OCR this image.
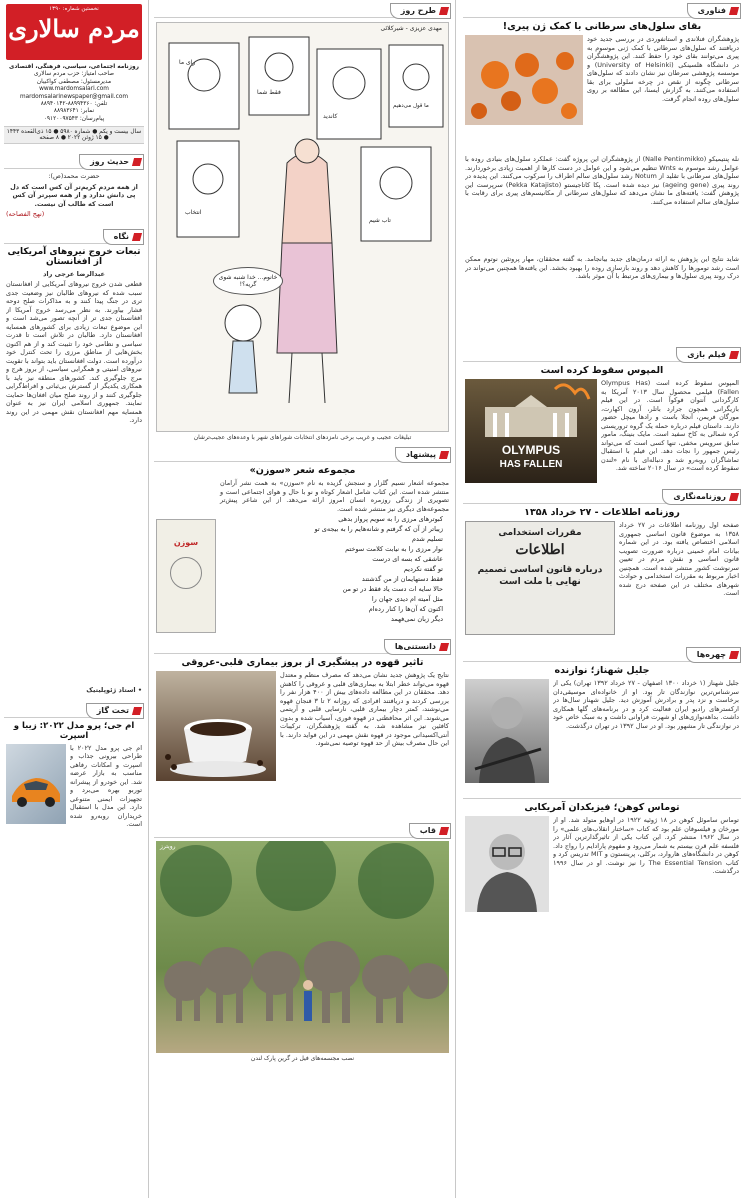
نخستین شماره: ۱۳۹۰
مردم سالاری
روزنامه اجتماعی، سیاسی، فرهنگی، اقتصادی
صاحب امتیاز: حزب مردم سالاری
مدیرمسئول: مصطفی کواکبیان
www.mardomsalari.com
mardomsalarinewspaper@gmail.com
تلفن: ۸۸۹۹۴۳۶۰-۸۸۹۴۰۱۴۲
نمابر: ۸۸۹۸۳۶۴۱
پیام‌رسان: ۰۹۱۲۰۰۹۷۵۴۳
سال بیست و یکم ● شماره ۵۹۸۰ ● ۱۵ ذی‌القعده ۱۴۴۳ ● ۱۵ ژوئن ۲۰۲۲ ● ۸ صفحه
حدیث روز
حضرت محمد(ص):
از همه مردم کریم‌تر آن کس است که دل پی دانش ندارد و از همه سپرتر آن کس است که طالب آن نیست.
(نهج الفصاحه)
نگاه
تبعات خروج نیروهای آمریکایی از افغانستان
عبدالرضا عرجی راد
قطعی شدن خروج نیروهای آمریکایی از افغانستان سبب شده که نیروهای طالبان نیز وضعیت جدی تری در جنگ پیدا کنند و به مذاکرات صلح دوحه فشار بیاورند. به نظر می‌رسد خروج آمریکا از افغانستان جدی تر از آنچه تصور می‌شد است و این موضوع تبعات زیادی برای کشورهای همسایه افغانستان دارد. طالبان در تلاش است تا قدرت سیاسی و نظامی خود را تثبیت کند و از هم اکنون بخش‌هایی از مناطق مرزی را تحت کنترل خود درآورده است. دولت افغانستان باید بتواند با تقویت نیروهای امنیتی و همگرایی سیاسی، از بروز هرج و مرج جلوگیری کند. کشورهای منطقه نیز باید با همکاری یکدیگر از گسترش بی‌ثباتی و افراط‌گرایی جلوگیری کنند و از روند صلح میان افغان‌ها حمایت نمایند. جمهوری اسلامی ایران نیز به عنوان همسایه مهم افغانستان نقش مهمی در این روند دارد.
• استاد ژئوپلیتیک
تخت گاز
ام جی؛ پرو مدل ۲۰۲۲: زیبا و اسپرت
ام جی پرو مدل ۲۰۲۲ با طراحی بیرونی جذاب و اسپرت و امکانات رفاهی مناسب به بازار عرضه شد. این خودرو از پیشرانه توربو بهره می‌برد و تجهیزات ایمنی متنوعی دارد. این مدل با استقبال خریداران روبه‌رو شده است.
طرح روز
مهدی عزیزی - شیرکلائی
خانوم... خدا شنبه شوی گریه؟!
رای ما
فقط شما
کاندید
ما قول می‌دهیم
انتخاب
تاب شیم
تبلیغات عجیب و غریب برخی نامزدهای انتخابات شوراهای شهر با وعده‌های عجیب‌ترشان
پیشنهاد
مجموعه شعر «سوزن»
سوزن
مجموعه اشعار نسیم گلزار و سنجش گزیده به نام «سوزن» به همت نشر آرامان منتشر شده است. این کتاب شامل اشعار کوتاه و نو با حال و هوای اجتماعی است و تصویری از زندگی روزمره انسان امروز ارائه می‌دهد. از این شاعر پیش‌تر مجموعه‌های دیگری نیز منتشر شده است.
کبوترهای مرزی را به سویم پرواز بدهی
زیباتر از آن که گرفتم و شانه‌هایم را به بیجه‌ی تو
تسلیم شدم
نوار مرزی را به نیابت کلامت سوختم
عاشقی که بسه ای درست
تو گفته نکردیم
فقط دستهایمان از من گذشتند
حالا سایه ات دست یاد فقط در تو من
مثل آمیته ام دیدی جهان را
اکنون که آن‌ها را کنار رده‌ام
دیگر زبان نمی‌فهمد
دانستنی‌ها
تاثیر قهوه در پیشگیری از بروز بیماری قلبی-عروقی
نتایج یک پژوهش جدید نشان می‌دهد که مصرف منظم و معتدل قهوه می‌تواند خطر ابتلا به بیماری‌های قلبی و عروقی را کاهش دهد. محققان در این مطالعه داده‌های بیش از ۴۰۰ هزار نفر را بررسی کردند و دریافتند افرادی که روزانه ۲ تا ۳ فنجان قهوه می‌نوشند، کمتر دچار بیماری قلبی، نارسایی قلبی و آریتمی می‌شوند. این اثر محافظتی در قهوه فوری، آسیاب شده و بدون کافئین نیز مشاهده شد. به گفته پژوهشگران، ترکیبات آنتی‌اکسیدانی موجود در قهوه نقش مهمی در این فواید دارند. با این حال مصرف بیش از حد قهوه توصیه نمی‌شود.
قاب
رویترز
نصب مجسمه‌های فیل در گرین پارک لندن
فناوری
بقای سلول‌های سرطانی با کمک ژن پیری!
پژوهشگران فنلاندی و استانفوردی در بررسی جدید خود دریافتند که سلول‌های سرطانی با کمک ژنی موسوم به پیری می‌توانند بقای خود را حفظ کنند. این پژوهشگران در دانشگاه هلسینکی (University of Helsinki) و موسسه پژوهشی سرطان نیز نشان دادند که سلول‌های سرطانی چگونه از نقص در چرخه سلولی برای بقا استفاده می‌کنند. به گزارش ایسنا، این مطالعه بر روی سلول‌های روده انجام گرفت.
نله پنتیمیکو (Nalle Pentinmikko) از پژوهشگران این پروژه گفت: عملکرد سلول‌های بنیادی روده با عوامل رشد موسوم به Wnts تنظیم می‌شود و این عوامل در دست کارها از اهمیت زیادی برخوردارند. سلول‌های سرطانی با تقلید از Notum رشد سلول‌های سالم اطراف را سرکوب می‌کنند. این پدیده در روند پیری (ageing gene) نیز دیده شده است. پکا کاتاجیستو (Pekka Katajisto) سرپرست این پژوهش گفت: یافته‌های ما نشان می‌دهد که سلول‌های سرطانی از مکانیسم‌های پیری برای رقابت با سلول‌های سالم استفاده می‌کنند.
شاید نتایج این پژوهش به ارائه درمان‌های جدید بیانجامد. به گفته محققان، مهار پروتئین نوتوم ممکن است رشد تومورها را کاهش دهد و روند بازسازی روده را بهبود بخشد. این یافته‌ها همچنین می‌تواند در درک روند پیری سلول‌ها و بیماری‌های مرتبط با آن موثر باشد.
فیلم بازی
المپوس سقوط کرده است
OLYMPUS
HAS FALLEN
المپوس سقوط کرده است (Olympus Has Fallen) فیلمی محصول سال ۲۰۱۳ آمریکا به کارگردانی آنتوان فوکوآ است. در این فیلم بازیگرانی همچون جرارد باتلر، آرون اکهارت، مورگان فریمن، آنجلا باست و رادها میچل حضور دارند. داستان فیلم درباره حمله یک گروه تروریستی کره شمالی به کاخ سفید است. مایک بنینگ، مامور سابق سرویس مخفی، تنها کسی است که می‌تواند رئیس جمهور را نجات دهد. این فیلم با استقبال تماشاگران روبه‌رو شد و دنباله‌ای با نام «لندن سقوط کرده است» در سال ۲۰۱۶ ساخته شد.
روزنامه‌نگاری
روزنامه اطلاعات - ۲۷ خرداد ۱۳۵۸
مقررات استخدامی
اطلاعات
درباره قانون اساسی تصمیم نهایی با ملت است
صفحه اول روزنامه اطلاعات در ۲۷ خرداد ۱۳۵۸ به موضوع قانون اساسی جمهوری اسلامی اختصاص یافته بود. در این شماره بیانات امام خمینی درباره ضرورت تصویب قانون اساسی و نقش مردم در تعیین سرنوشت کشور منتشر شده است. همچنین اخبار مربوط به مقررات استخدامی و حوادث شهرهای مختلف در این صفحه درج شده است.
چهره‌ها
جلیل شهناز؛ نوازنده
جلیل شهناز (۱ خرداد ۱۳۰۰ اصفهان - ۲۷ خرداد ۱۳۹۲ تهران) یکی از سرشناس‌ترین نوازندگان تار بود. او از خانواده‌ای موسیقی‌دان برخاست و نزد پدر و برادرش آموزش دید. جلیل شهناز سال‌ها در ارکسترهای رادیو ایران فعالیت کرد و در برنامه‌های گلها همکاری داشت. بداهه‌نوازی‌های او شهرت فراوانی داشت و به سبک خاص خود در نوازندگی تار مشهور بود. او در سال ۱۳۹۲ در تهران درگذشت.
توماس کوهن؛ فیزیکدان آمریکایی
توماس ساموئل کوهن در ۱۸ ژوئیه ۱۹۲۲ در اوهایو متولد شد. او از مورخان و فیلسوفان علم بود که کتاب «ساختار انقلاب‌های علمی» را در سال ۱۹۶۲ منتشر کرد. این کتاب یکی از تاثیرگذارترین آثار در فلسفه علم قرن بیستم به شمار می‌رود و مفهوم پارادایم را رواج داد. کوهن در دانشگاه‌های هاروارد، برکلی، پرینستون و MIT تدریس کرد و کتاب The Essential Tension را نیز نوشت. او در سال ۱۹۹۶ درگذشت.
